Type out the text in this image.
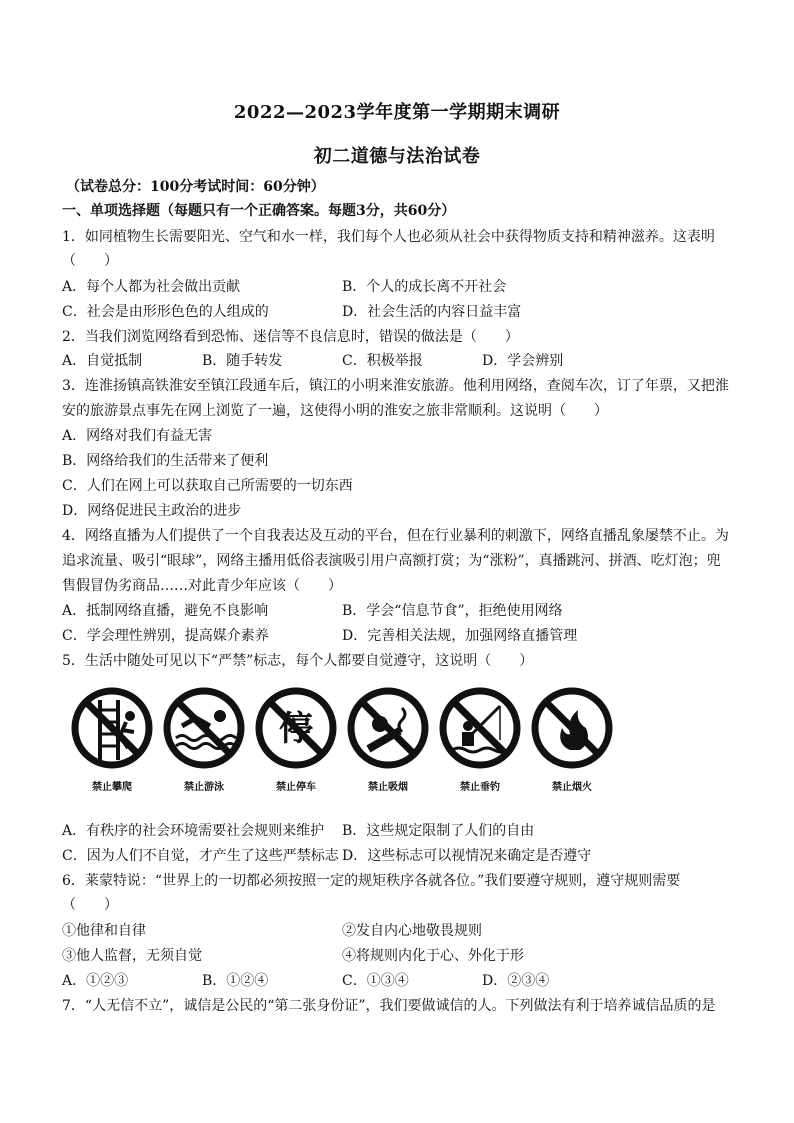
2022—2023学年度第一学期期末调研
初二道德与法治试卷
（试卷总分：100分考试时间：60分钟）
一、单项选择题（每题只有一个正确答案。每题3分，共60分）
1．如同植物生长需要阳光、空气和水一样，我们每个人也必须从社会中获得物质支持和精神滋养。这表明
（　　）
A．每个人都为社会做出贡献	B．个人的成长离不开社会
C．社会是由形形色色的人组成的	D．社会生活的内容日益丰富
2．当我们浏览网络看到恐怖、迷信等不良信息时，错误的做法是（　　）
A．自觉抵制	B．随手转发	C．积极举报	D．学会辨别
3．连淮扬镇高铁淮安至镇江段通车后，镇江的小明来淮安旅游。他利用网络，查阅车次，订了年票，又把淮
安的旅游景点事先在网上浏览了一遍，这使得小明的淮安之旅非常顺利。这说明（　　）
A．网络对我们有益无害
B．网络给我们的生活带来了便利
C．人们在网上可以获取自己所需要的一切东西
D．网络促进民主政治的进步
4．网络直播为人们提供了一个自我表达及互动的平台，但在行业暴利的刺激下，网络直播乱象屡禁不止。为
追求流量、吸引“眼球”，网络主播用低俗表演吸引用户高额打赏；为“涨粉”，真播跳河、拼酒、吃灯泡；兜
售假冒伪劣商品……对此青少年应该（　　）
A．抵制网络直播，避免不良影响	B．学会“信息节食”，拒绝使用网络
C．学会理性辨别，提高媒介素养	D．完善相关法规，加强网络直播管理
5．生活中随处可见以下“严禁”标志，每个人都要自觉遵守，这说明（　　）
禁止攀爬	禁止游泳
停
禁止停车	禁止吸烟	禁止垂钓	禁止烟火
A．有秩序的社会环境需要社会规则来维护 B．这些规定限制了人们的自由
C．因为人们不自觉，才产生了这些严禁标志 D．这些标志可以视情况来确定是否遵守
6．莱蒙特说：“世界上的一切都必须按照一定的规矩秩序各就各位。”我们要遵守规则，遵守规则需要
（　　）
①他律和自律	②发自内心地敬畏规则
③他人监督，无须自觉	④将规则内化于心、外化于形
A．①②③	B．①②④	C．①③④	D．②③④
7．“人无信不立”，诚信是公民的“第二张身份证”，我们要做诚信的人。下列做法有利于培养诚信品质的是
